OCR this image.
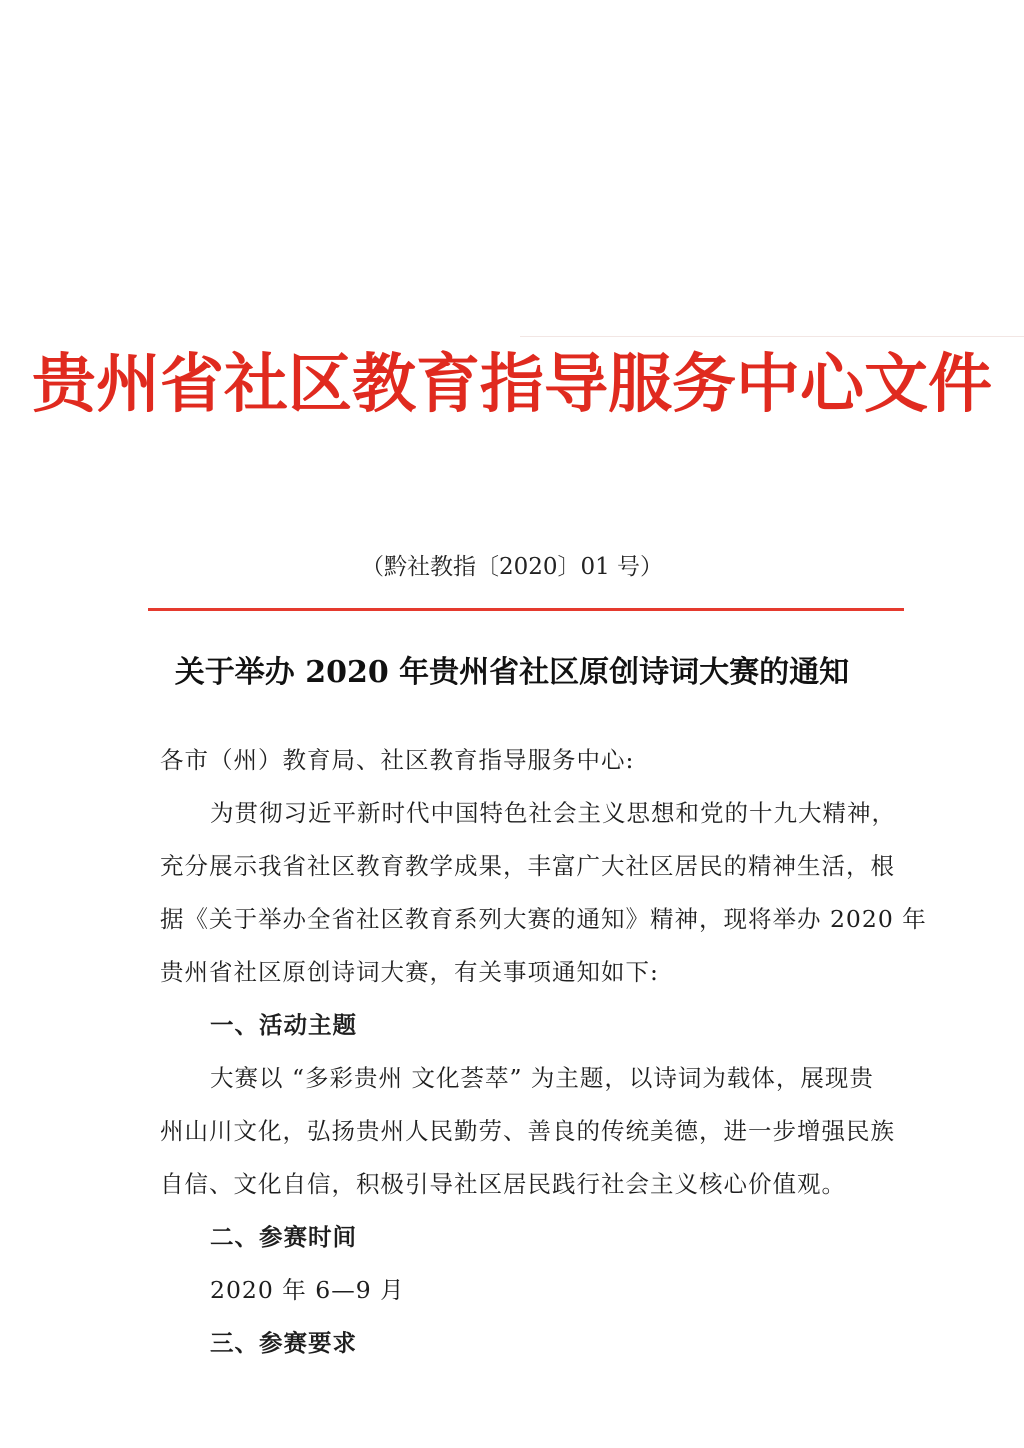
贵州省社区教育指导服务中心文件
（黔社教指〔2020〕01 号）
关于举办 2020 年贵州省社区原创诗词大赛的通知
各市（州）教育局、社区教育指导服务中心:
为贯彻习近平新时代中国特色社会主义思想和党的十九大精神，
充分展示我省社区教育教学成果，丰富广大社区居民的精神生活，根
据《关于举办全省社区教育系列大赛的通知》精神，现将举办 2020 年
贵州省社区原创诗词大赛，有关事项通知如下:
一、活动主题
大赛以 “多彩贵州 文化荟萃” 为主题，以诗词为载体，展现贵
州山川文化，弘扬贵州人民勤劳、善良的传统美德，进一步增强民族
自信、文化自信，积极引导社区居民践行社会主义核心价值观。
二、参赛时间
2020 年 6—9 月
三、参赛要求
